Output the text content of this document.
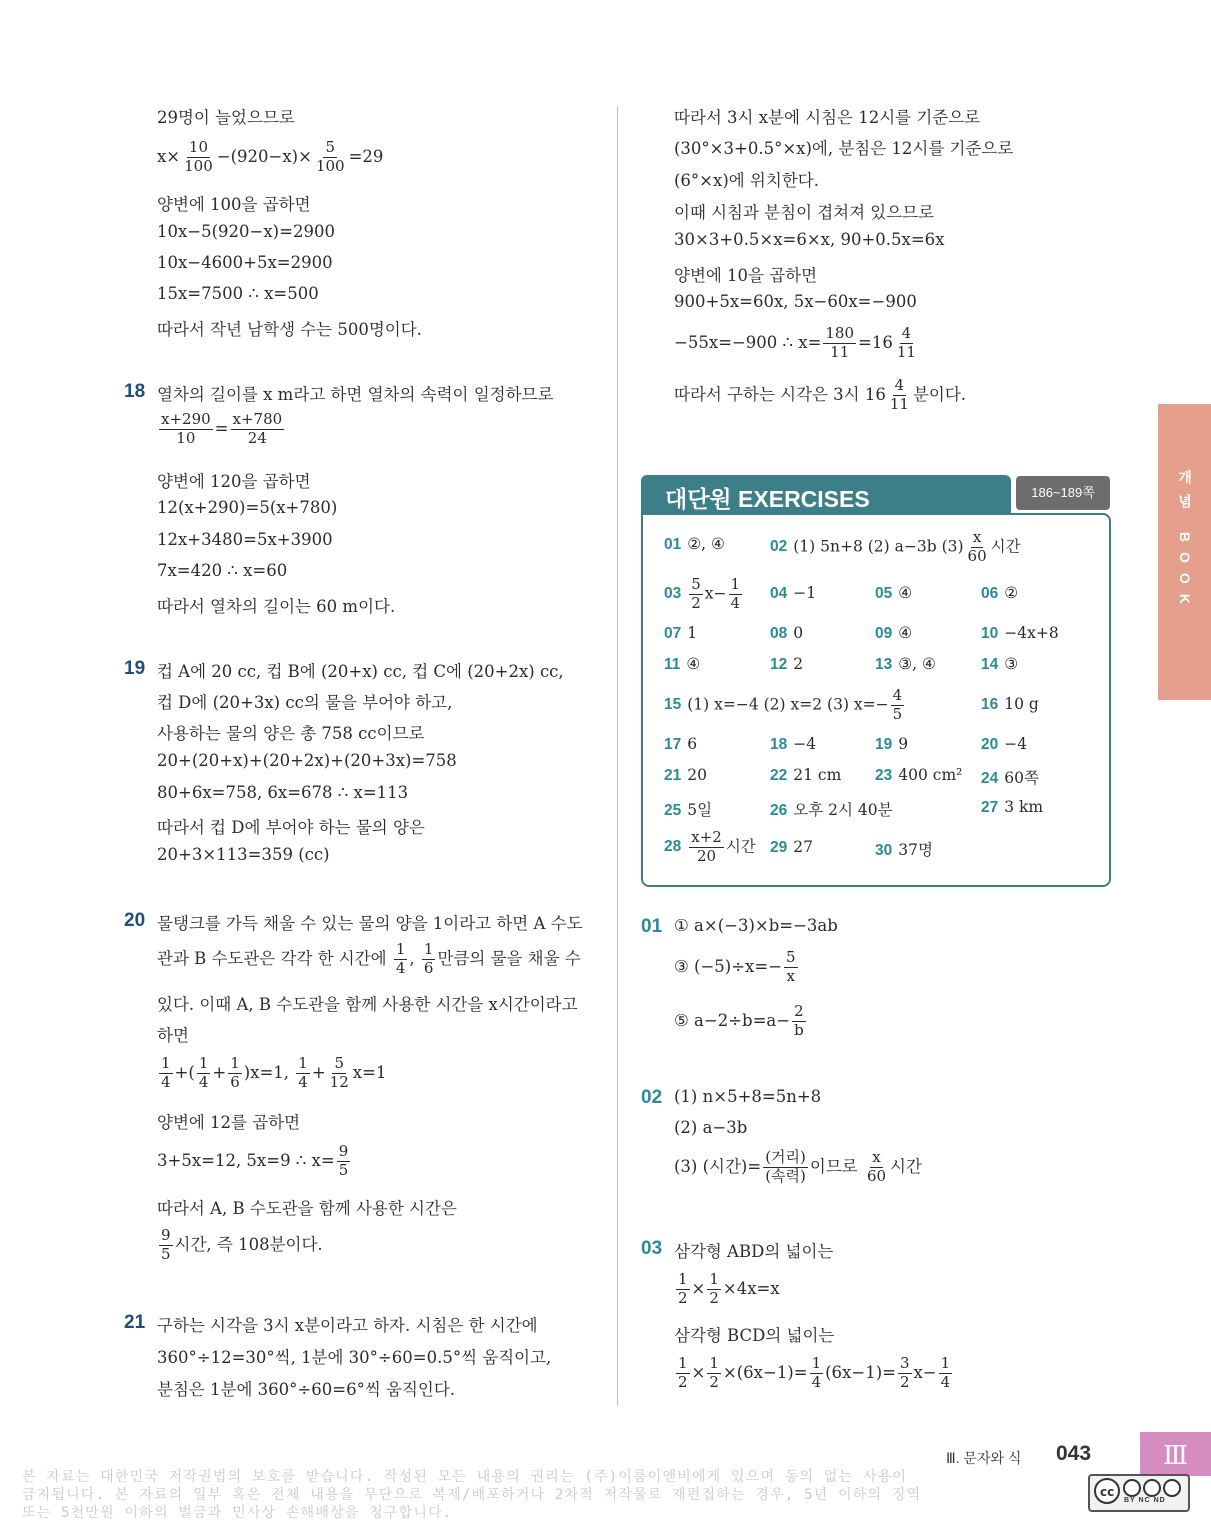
29명이 늘었으므로
$x\times \frac{10}{100} -(920-x)\times \frac{5}{100} =29$
양변에 100을 곱하면
10x−5(920−x)=2900
10x−4600+5x=2900
15x=7500 ∴ x=500
따라서 작년 남학생 수는 500명이다.
18 열차의 길이를 x m라고 하면 열차의 속력이 일정하므로
$\frac{x+290}{10} = \frac{x+780}{24}$
양변에 120을 곱하면
12(x+290)=5(x+780)
12x+3480=5x+3900
7x=420 ∴ x=60
따라서 열차의 길이는 60 m이다.
19 컵 A에 20 cc, 컵 B에 (20+x) cc, 컵 C에 (20+2x) cc,
컵 D에 (20+3x) cc의 물을 부어야 하고,
사용하는 물의 양은 총 758 cc이므로
20+(20+x)+(20+2x)+(20+3x)=758
80+6x=758, 6x=678 ∴ x=113
따라서 컵 D에 부어야 하는 물의 양은
20+3×113=359 (cc)
20 물탱크를 가득 채울 수 있는 물의 양을 1이라고 하면 A 수도
관과 B 수도관은 각각 한 시간에 $\frac{1}{4}$ , $\frac{1}{6}$ 만큼의 물을 채울 수
있다. 이때 A, B 수도관을 함께 사용한 시간을 x시간이라고
하면
$\frac{1}{4}$ +( $\frac{1}{4} + \frac{1}{6} )x=1$, $\frac{1}{4} + \frac{5}{12} x=1$
양변에 12를 곱하면
3+5x=12, 5x=9 ∴ $x= \frac{9}{5}$
따라서 A, B 수도관을 함께 사용한 시간은
$\frac{9}{5}$ 시간, 즉 108분이다.
21 구하는 시각을 3시 x분이라고 하자. 시침은 한 시간에
360°÷12=30°씩, 1분에 30°÷60=0.5°씩 움직이고,
분침은 1분에 360°÷60=6°씩 움직인다.
따라서 3시 x분에 시침은 12시를 기준으로
(30°×3+0.5°×x)에, 분침은 12시를 기준으로
(6°×x)에 위치한다.
이때 시침과 분침이 겹쳐져 있으므로
30×3+0.5×x=6×x, 90+0.5x=6x
양변에 10을 곱하면
900+5x=60x, 5x−60x=−900
−55x=−900 ∴ $x= \frac{180}{11} =16 \frac{4}{11}$
따라서 구하는 시각은 3시 $16 \frac{4}{11}$ 분이다.
대단원 EXERCISES	186~189쪽
01 ②, ④	02 (1) 5n+8 (2) a−3b $(3) \frac{x}{60}$ 시간
$03 \frac{5}{2} x- \frac{1}{4} 04 -1$	05 ④	06 ②
07 1	08 0	09 ④	10 −4x+8
11 ④	12 2	13 ③, ④	14 ③
15 (1) x=−4 (2) x=2 (3) $x=- \frac{4}{5}$	16 10 g
17 6	18 −4	19 9	20 −4
21 20	22 21 cm 23 400 cm² 24 60쪽
25 5일	26 오후 2시 40분	27 3 km
$28 \frac{x+2}{20}$ 시간 29 27	30 37명
01 ① a×(−3)×b=−3ab
③ $(-5)\div x=- \frac{5}{x}$
⑤ $a-2\div b=a- \frac{2}{b}$
02 (1) n×5+8=5n+8
(2) a−3b
(3) (시간)= $\frac{\text{(거리)}}{\text{(속력)}}$ 이므로 $\frac{x}{60}$ 시간
03 삼각형 ABD의 넓이는
$\frac{1}{2} \times \frac{1}{2} \times 4x=x$
삼각형 BCD의 넓이는
$\frac{1}{2} \times \frac{1}{2} \times(6x-1)= \frac{1}{4} (6x-1)= \frac{3}{2} x- \frac{1}{4}$
개념 BOOK
Ⅲ. 문자와 식 043	Ⅲ
본 자료는 대한민국 저작권법의 보호를 받습니다. 작성된 모든 내용의 권리는 (주)이룸이앤비에게 있으며 동의 없는 사용이
금지됩니다. 본 자료의 일부 혹은 전체 내용을 무단으로 복제/배포하거나 2차적 저작물로 재편집하는 경우, 5년 이하의 징역
또는 5천만원 이하의 벌금과 민사상 손해배상을 청구합니다.
cc
BY NC ND
